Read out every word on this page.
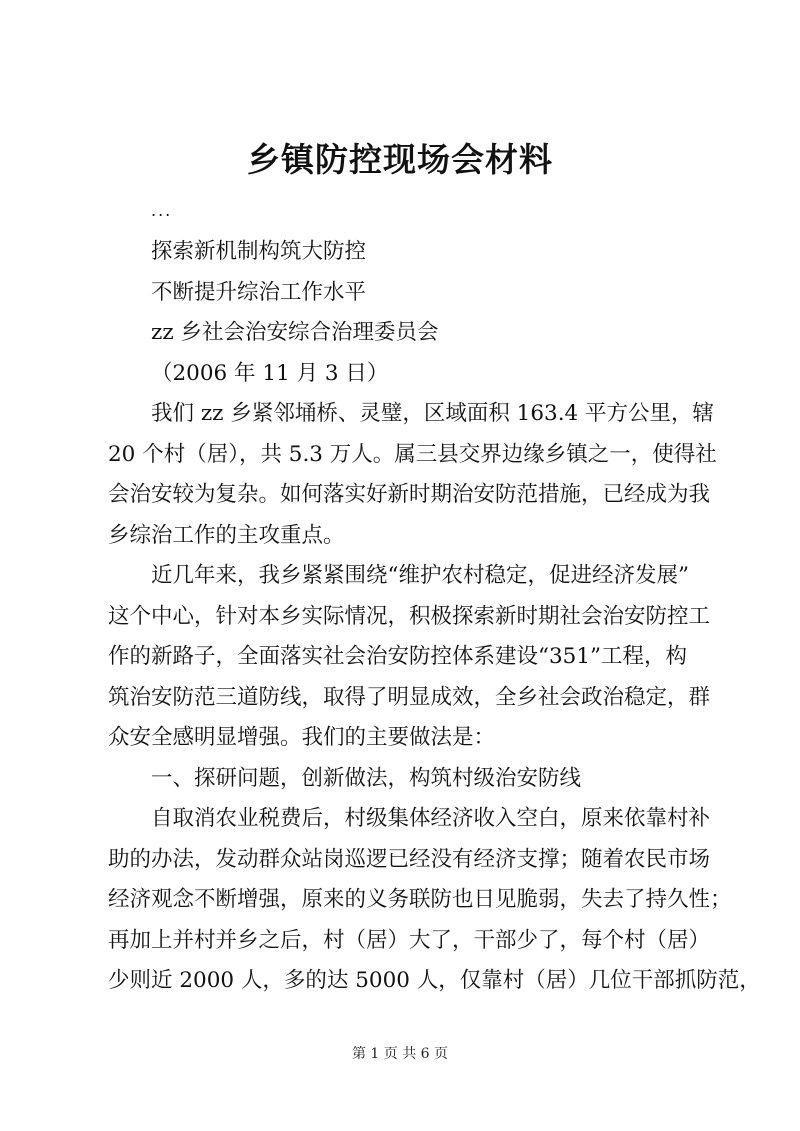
乡镇防控现场会材料
...
探索新机制构筑大防控
不断提升综治工作水平
zz 乡社会治安综合治理委员会
（2006 年 11 月 3 日）
我们 zz 乡紧邻埇桥、灵璧，区域面积 163.4 平方公里，辖
20 个村（居），共 5.3 万人。属三县交界边缘乡镇之一，使得社
会治安较为复杂。如何落实好新时期治安防范措施，已经成为我
乡综治工作的主攻重点。
近几年来，我乡紧紧围绕“维护农村稳定，促进经济发展”
这个中心，针对本乡实际情况，积极探索新时期社会治安防控工
作的新路子，全面落实社会治安防控体系建设“351”工程，构
筑治安防范三道防线，取得了明显成效，全乡社会政治稳定，群
众安全感明显增强。我们的主要做法是：
一、探研问题，创新做法，构筑村级治安防线
自取消农业税费后，村级集体经济收入空白，原来依靠村补
助的办法，发动群众站岗巡逻已经没有经济支撑；随着农民市场
经济观念不断增强，原来的义务联防也日见脆弱，失去了持久性；
再加上并村并乡之后，村（居）大了，干部少了，每个村（居）
少则近 2000 人，多的达 5000 人，仅靠村（居）几位干部抓防范，
第 1 页 共 6 页
